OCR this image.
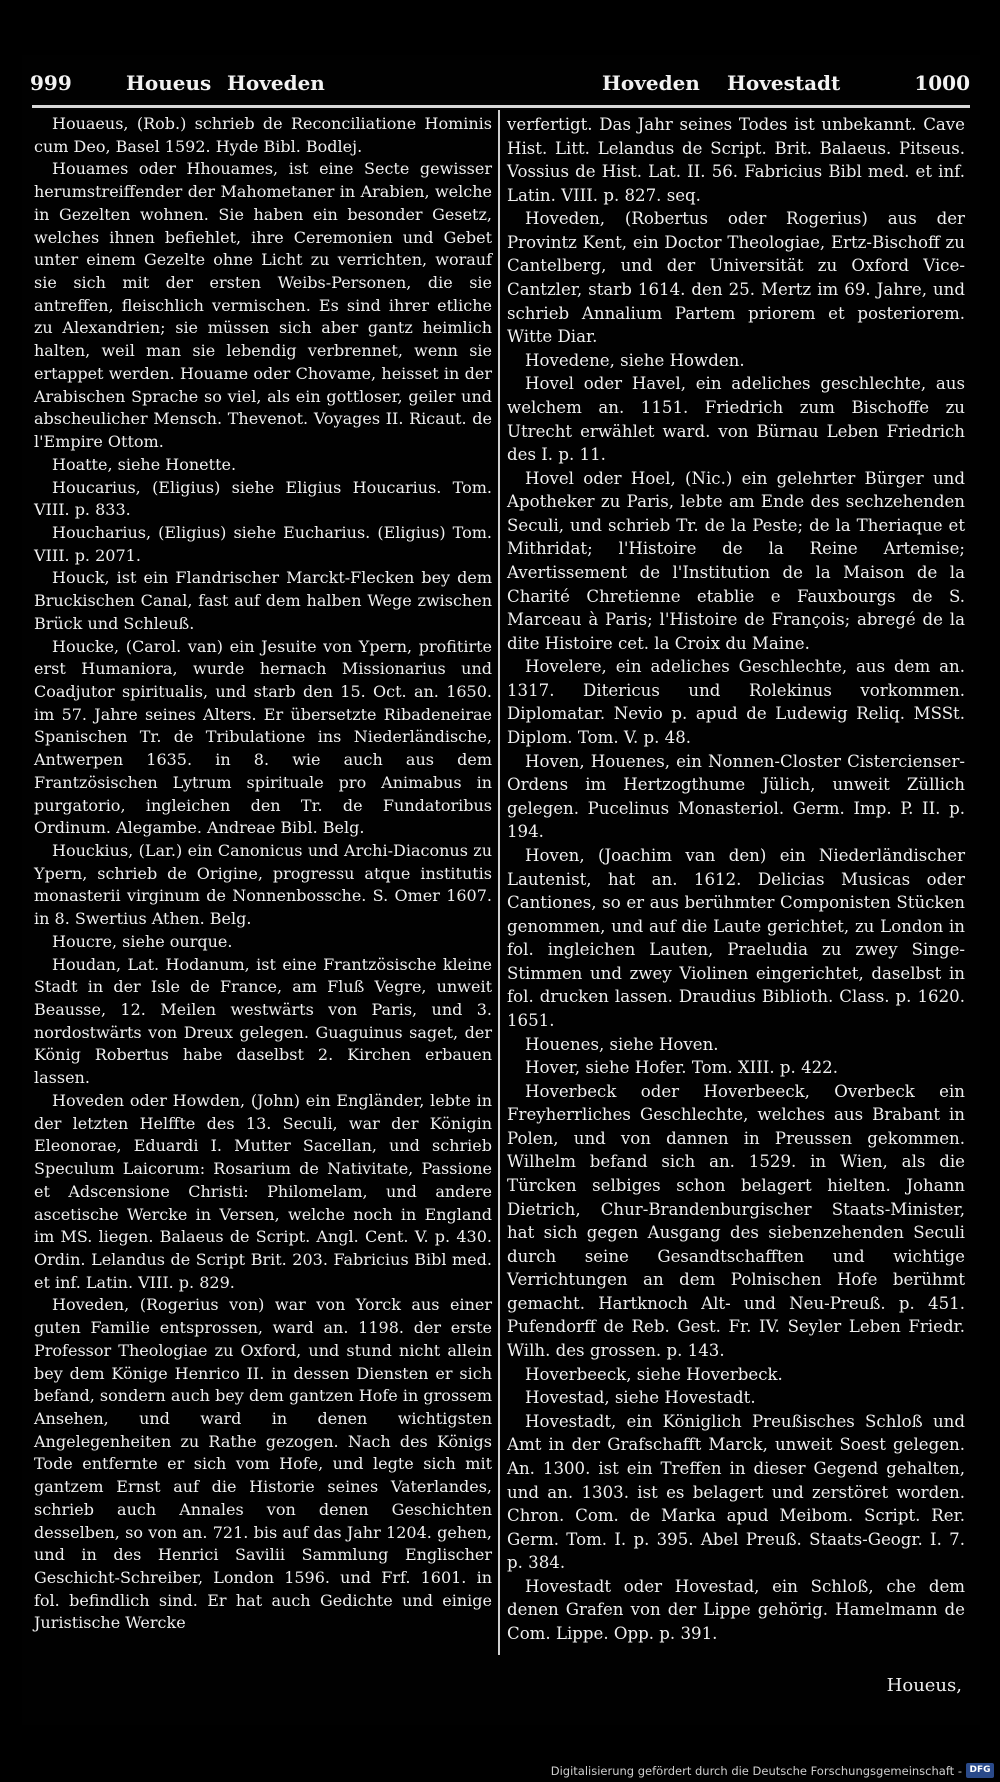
999	Houeus Hoveden	Hoveden Hovestadt	1000

Houaeus, (Rob.) schrieb de Reconciliatione Hominis cum Deo, Basel 1592. Hyde Bibl. Bodlej.

Houames oder Hhouames, ist eine Secte gewisser herumstreiffender der Mahometaner in Arabien, welche in Gezelten wohnen. Sie haben ein besonder Gesetz, welches ihnen befiehlet, ihre Ceremonien und Gebet unter einem Gezelte ohne Licht zu verrichten, worauf sie sich mit der ersten Weibs-Personen, die sie antreffen, fleischlich vermischen. Es sind ihrer etliche zu Alexandrien; sie müssen sich aber gantz heimlich halten, weil man sie lebendig verbrennet, wenn sie ertappet werden. Houame oder Chovame, heisset in der Arabischen Sprache so viel, als ein gottloser, geiler und abscheulicher Mensch. Thevenot. Voyages II. Ricaut. de l'Empire Ottom.

Hoatte, siehe Honette.

Houcarius, (Eligius) siehe Eligius Houcarius. Tom. VIII. p. 833.

Houcharius, (Eligius) siehe Eucharius. (Eligius) Tom. VIII. p. 2071.

Houck, ist ein Flandrischer Marckt-Flecken bey dem Bruckischen Canal, fast auf dem halben Wege zwischen Brück und Schleuß.

Houcke, (Carol. van) ein Jesuite von Ypern, profitirte erst Humaniora, wurde hernach Missionarius und Coadjutor spiritualis, und starb den 15. Oct. an. 1650. im 57. Jahre seines Alters. Er übersetzte Ribadeneirae Spanischen Tr. de Tribulatione ins Niederländische, Antwerpen 1635. in 8. wie auch aus dem Frantzösischen Lytrum spirituale pro Animabus in purgatorio, ingleichen den Tr. de Fundatoribus Ordinum. Alegambe. Andreae Bibl. Belg.

Houckius, (Lar.) ein Canonicus und Archi-Diaconus zu Ypern, schrieb de Origine, progressu atque institutis monasterii virginum de Nonnenbossche. S. Omer 1607. in 8. Swertius Athen. Belg.

Houcre, siehe ourque.

Houdan, Lat. Hodanum, ist eine Frantzösische kleine Stadt in der Isle de France, am Fluß Vegre, unweit Beausse, 12. Meilen westwärts von Paris, und 3. nordostwärts von Dreux gelegen. Guaguinus saget, der König Robertus habe daselbst 2. Kirchen erbauen lassen.

Hoveden oder Howden, (John) ein Engländer, lebte in der letzten Helffte des 13. Seculi, war der Königin Eleonorae, Eduardi I. Mutter Sacellan, und schrieb Speculum Laicorum: Rosarium de Nativitate, Passione et Adscensione Christi: Philomelam, und andere ascetische Wercke in Versen, welche noch in England im MS. liegen. Balaeus de Script. Angl. Cent. V. p. 430. Ordin. Lelandus de Script Brit. 203. Fabricius Bibl med. et inf. Latin. VIII. p. 829.

Hoveden, (Rogerius von) war von Yorck aus einer guten Familie entsprossen, ward an. 1198. der erste Professor Theologiae zu Oxford, und stund nicht allein bey dem Könige Henrico II. in dessen Diensten er sich befand, sondern auch bey dem gantzen Hofe in grossem Ansehen, und ward in denen wichtigsten Angelegenheiten zu Rathe gezogen. Nach des Königs Tode entfernte er sich vom Hofe, und legte sich mit gantzem Ernst auf die Historie seines Vaterlandes, schrieb auch Annales von denen Geschichten desselben, so von an. 721. bis auf das Jahr 1204. gehen, und in des Henrici Savilii Sammlung Englischer Geschicht-Schreiber, London 1596. und Frf. 1601. in fol. befindlich sind. Er hat auch Gedichte und einige Juristische Wercke

verfertigt. Das Jahr seines Todes ist unbekannt. Cave Hist. Litt. Lelandus de Script. Brit. Balaeus. Pitseus. Vossius de Hist. Lat. II. 56. Fabricius Bibl med. et inf. Latin. VIII. p. 827. seq.

Hoveden, (Robertus oder Rogerius) aus der Provintz Kent, ein Doctor Theologiae, Ertz-Bischoff zu Cantelberg, und der Universität zu Oxford Vice-Cantzler, starb 1614. den 25. Mertz im 69. Jahre, und schrieb Annalium Partem priorem et posteriorem. Witte Diar.

Hovedene, siehe Howden.

Hovel oder Havel, ein adeliches geschlechte, aus welchem an. 1151. Friedrich zum Bischoffe zu Utrecht erwählet ward. von Bürnau Leben Friedrich des I. p. 11.

Hovel oder Hoel, (Nic.) ein gelehrter Bürger und Apotheker zu Paris, lebte am Ende des sechzehenden Seculi, und schrieb Tr. de la Peste; de la Theriaque et Mithridat; l'Histoire de la Reine Artemise; Avertissement de l'Institution de la Maison de la Charité Chretienne etablie e Fauxbourgs de S. Marceau à Paris; l'Histoire de François; abregé de la dite Histoire cet. la Croix du Maine.

Hovelere, ein adeliches Geschlechte, aus dem an. 1317. Ditericus und Rolekinus vorkommen. Diplomatar. Nevio p. apud de Ludewig Reliq. MSSt. Diplom. Tom. V. p. 48.

Hoven, Houenes, ein Nonnen-Closter Cistercienser-Ordens im Hertzogthume Jülich, unweit Züllich gelegen. Pucelinus Monasteriol. Germ. Imp. P. II. p. 194.

Hoven, (Joachim van den) ein Niederländischer Lautenist, hat an. 1612. Delicias Musicas oder Cantiones, so er aus berühmter Componisten Stücken genommen, und auf die Laute gerichtet, zu London in fol. ingleichen Lauten, Praeludia zu zwey Singe-Stimmen und zwey Violinen eingerichtet, daselbst in fol. drucken lassen. Draudius Biblioth. Class. p. 1620. 1651.

Houenes, siehe Hoven.

Hover, siehe Hofer. Tom. XIII. p. 422.

Hoverbeck oder Hoverbeeck, Overbeck ein Freyherrliches Geschlechte, welches aus Brabant in Polen, und von dannen in Preussen gekommen. Wilhelm befand sich an. 1529. in Wien, als die Türcken selbiges schon belagert hielten. Johann Dietrich, Chur-Brandenburgischer Staats-Minister, hat sich gegen Ausgang des siebenzehenden Seculi durch seine Gesandtschafften und wichtige Verrichtungen an dem Polnischen Hofe berühmt gemacht. Hartknoch Alt- und Neu-Preuß. p. 451. Pufendorff de Reb. Gest. Fr. IV. Seyler Leben Friedr. Wilh. des grossen. p. 143.

Hoverbeeck, siehe Hoverbeck.

Hovestad, siehe Hovestadt.

Hovestadt, ein Königlich Preußisches Schloß und Amt in der Grafschafft Marck, unweit Soest gelegen. An. 1300. ist ein Treffen in dieser Gegend gehalten, und an. 1303. ist es belagert und zerstöret worden. Chron. Com. de Marka apud Meibom. Script. Rer. Germ. Tom. I. p. 395. Abel Preuß. Staats-Geogr. I. 7. p. 384.

Hovestadt oder Hovestad, ein Schloß, che dem denen Grafen von der Lippe gehörig. Hamelmann de Com. Lippe. Opp. p. 391.

Houeus,
Digitalisierung gefördert durch die Deutsche Forschungsgemeinschaft - DFG
